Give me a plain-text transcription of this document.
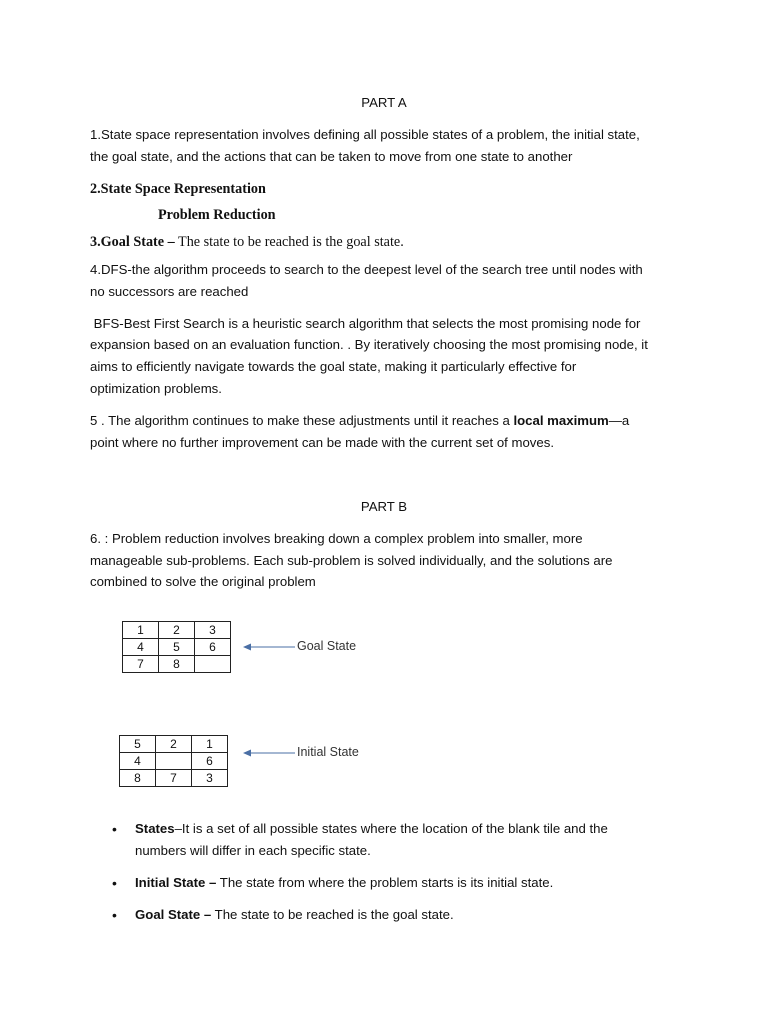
PART A
1.State space representation involves defining all possible states of a problem, the initial state,
the goal state, and the actions that can be taken to move from one state to another
2.State Space Representation
Problem Reduction
3.Goal State – The state to be reached is the goal state.
4.DFS-the algorithm proceeds to search to the deepest level of the search tree until nodes with
no successors are reached
BFS-Best First Search is a heuristic search algorithm that selects the most promising node for
expansion based on an evaluation function. . By iteratively choosing the most promising node, it
aims to efficiently navigate towards the goal state, making it particularly effective for
optimization problems.
5 . The algorithm continues to make these adjustments until it reaches a local maximum—a
point where no further improvement can be made with the current set of moves.
PART B
6. : Problem reduction involves breaking down a complex problem into smaller, more
manageable sub-problems. Each sub-problem is solved individually, and the solutions are
combined to solve the original problem
1	2	3
4	5	6
7	8	
Goal State
5	2	1
4		6
8	7	3
Initial State
• States–It is a set of all possible states where the location of the blank tile and the
numbers will differ in each specific state.
• Initial State – The state from where the problem starts is its initial state.
• Goal State – The state to be reached is the goal state.
